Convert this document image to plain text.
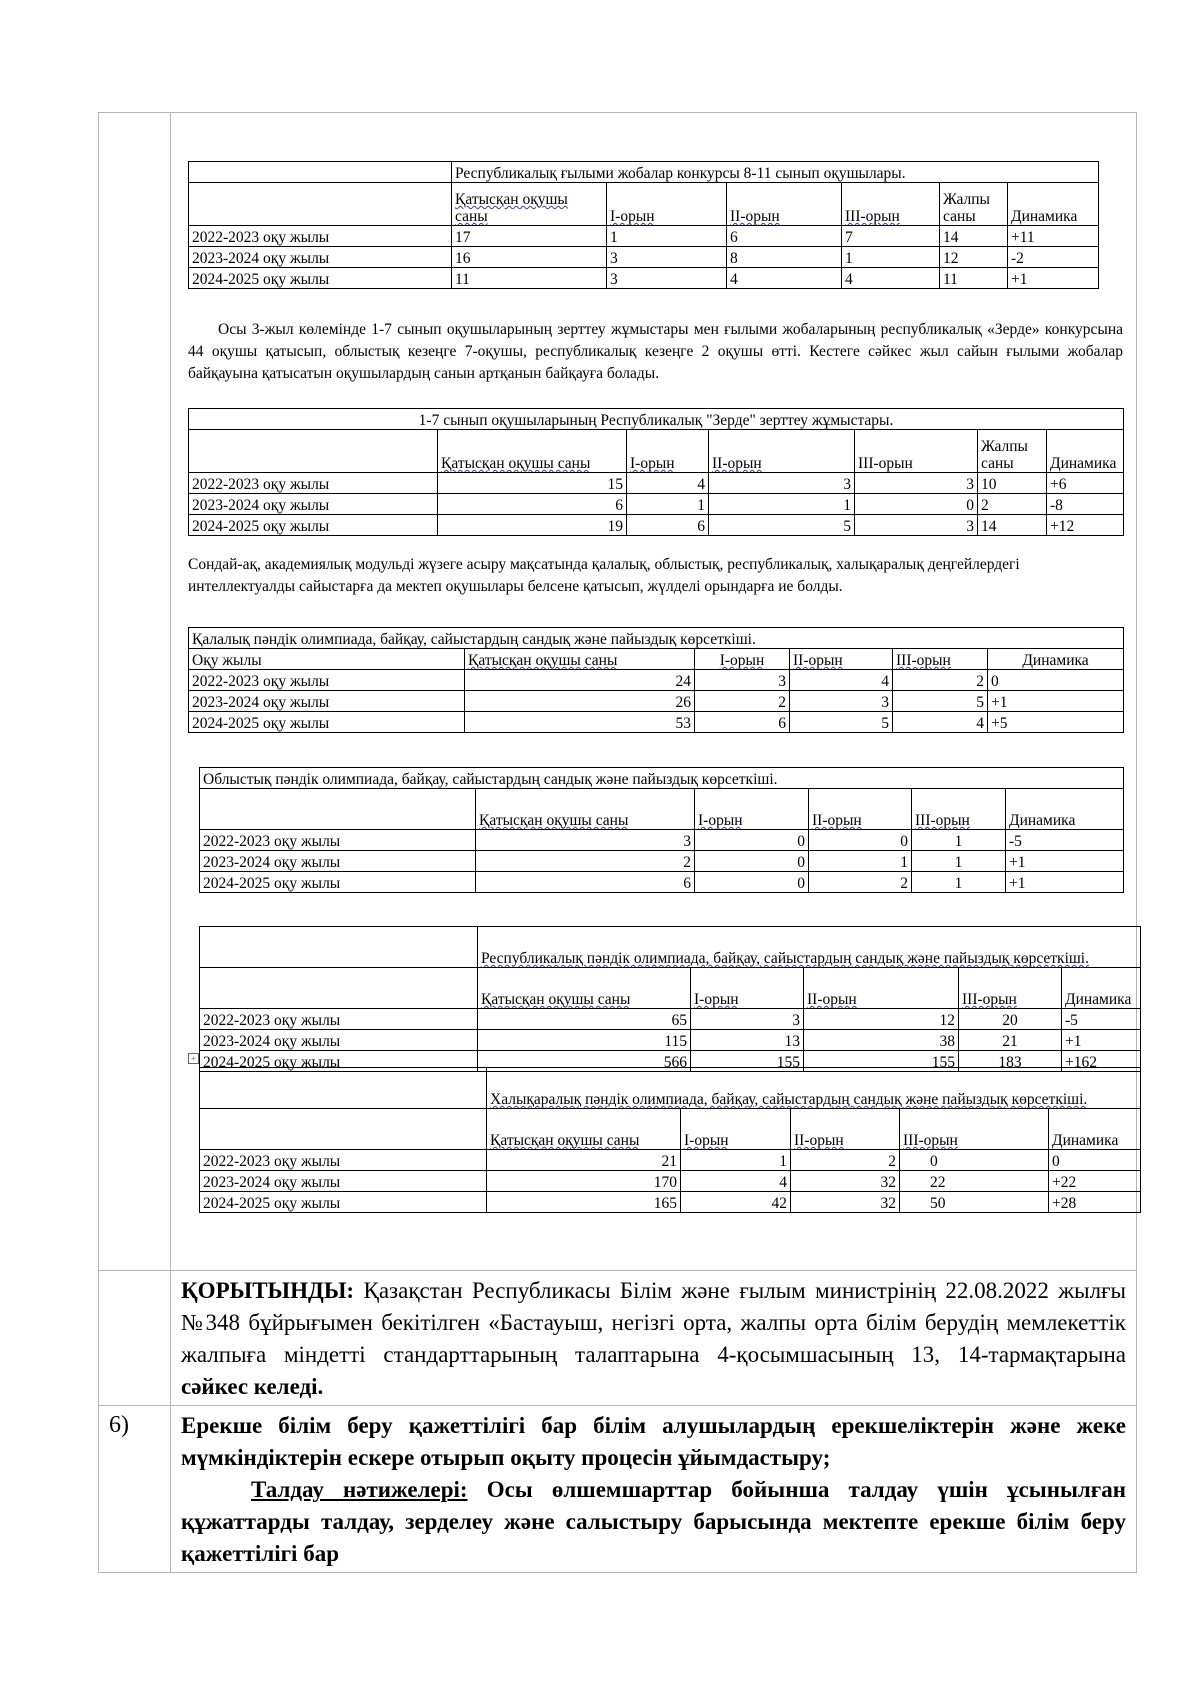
	Республикалық ғылыми жобалар конкурсы 8-11 сынып оқушылары.					
	Қатысқан оқушы саны	І-орын	ІІ-орын	ІІІ-орын	Жалпы саны	Динамика
2022-2023 оқу жылы	17	1	6	7	14	+11
2023-2024 оқу жылы	16	3	8	1	12	-2
2024-2025 оқу жылы	11	3	4	4	11	+1
Осы 3-жыл көлемінде 1-7 сынып оқушыларының зерттеу жұмыстары мен ғылыми жобаларының республикалық «Зерде» конкурсына 44 оқушы қатысып, облыстық кезеңге 7-оқушы, республикалық кезеңге 2 оқушы өтті. Кестеге сәйкес жыл сайын ғылыми жобалар байқауына қатысатын оқушылардың санын артқанын байқауға болады.
1-7 сынып оқушыларының Республикалық "Зерде" зерттеу жұмыстары.						
	Қатысқан оқушы саны	І-орын	ІІ-орын	ІІІ-орын	Жалпы саны	Динамика
2022-2023 оқу жылы	15	4	3	3	10	+6
2023-2024 оқу жылы	6	1	1	0	2	-8
2024-2025 оқу жылы	19	6	5	3	14	+12
Сондай-ақ, академиялық модульді жүзеге асыру мақсатында қалалық, облыстық, республикалық, халықаралық деңгейлердегі интеллектуалды сайыстарға да мектеп оқушылары белсене қатысып, жүлделі орындарға ие болды.
Қалалық пәндік олимпиада, байқау, сайыстардың сандық және пайыздық көрсеткіші.					
Оқу жылы	Қатысқан оқушы саны	І-орын	ІІ-орын	ІІІ-орын	Динамика
2022-2023 оқу жылы	24	3	4	2	0
2023-2024 оқу жылы	26	2	3	5	+1
2024-2025 оқу жылы	53	6	5	4	+5
Облыстық пәндік олимпиада, байқау, сайыстардың сандық және пайыздық көрсеткіші.					
	Қатысқан оқушы саны	І-орын	ІІ-орын	ІІІ-орын	Динамика
2022-2023 оқу жылы	3	0	0	1	-5
2023-2024 оқу жылы	2	0	1	1	+1
2024-2025 оқу жылы	6	0	2	1	+1
	Республикалық пәндік олимпиада, байқау, сайыстардың сандық және пайыздық көрсеткіші.				
	Қатысқан оқушы саны	І-орын	ІІ-орын	ІІІ-орын	Динамика
2022-2023 оқу жылы	65	3	12	20	-5
2023-2024 оқу жылы	115	13	38	21	+1
2024-2025 оқу жылы	566	155	155	183	+162
+
	Халықаралық пәндік олимпиада, байқау, сайыстардың сандық және пайыздық көрсеткіші.				
	Қатысқан оқушы саны	І-орын	ІІ-орын	ІІІ-орын	Динамика
2022-2023 оқу жылы	21	1	2	0	0
2023-2024 оқу жылы	170	4	32	22	+22
2024-2025 оқу жылы	165	42	32	50	+28
ҚОРЫТЫНДЫ: Қазақстан Республикасы Білім және ғылым министрінің 22.08.2022 жылғы №348 бұйрығымен бекітілген «Бастауыш, негізгі орта, жалпы орта білім берудің мемлекеттік жалпыға міндетті стандарттарының талаптарына 4-қосымшасының 13, 14-тармақтарына сәйкес келеді.
6)	Ерекше білім беру қажеттілігі бар білім алушылардың ерекшеліктерін және жеке мүмкіндіктерін ескере отырып оқыту процесін ұйымдастыру;
Талдау нәтижелері: Осы өлшемшарттар бойынша талдау үшін ұсынылған құжаттарды талдау, зерделеу және салыстыру барысында мектепте ерекше білім беру қажеттілігі бар
